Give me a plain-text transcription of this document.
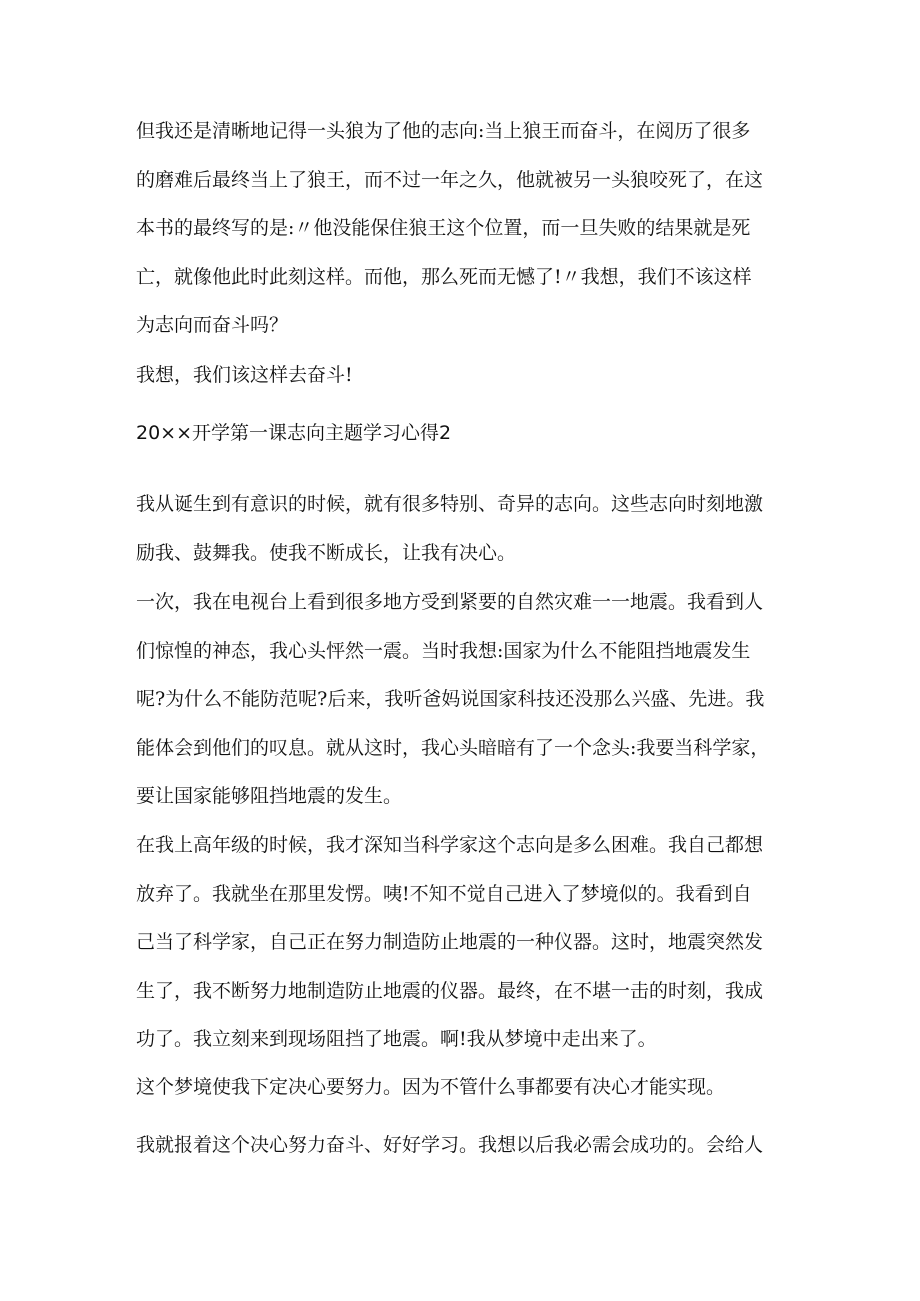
但我还是清晰地记得一头狼为了他的志向:当上狼王而奋斗，在阅历了很多
的磨难后最终当上了狼王，而不过一年之久，他就被另一头狼咬死了，在这
本书的最终写的是:〃他没能保住狼王这个位置，而一旦失败的结果就是死
亡，就像他此时此刻这样。而他，那么死而无憾了!〃我想，我们不该这样
为志向而奋斗吗？

我想，我们该这样去奋斗!

20××开学第一课志向主题学习心得2

我从诞生到有意识的时候，就有很多特别、奇异的志向。这些志向时刻地激
励我、鼓舞我。使我不断成长，让我有决心。

一次，我在电视台上看到很多地方受到紧要的自然灾难一一地震。我看到人
们惊惶的神态，我心头怦然一震。当时我想:国家为什么不能阻挡地震发生
呢?为什么不能防范呢?后来，我听爸妈说国家科技还没那么兴盛、先进。我
能体会到他们的叹息。就从这时，我心头暗暗有了一个念头:我要当科学家，
要让国家能够阻挡地震的发生。

在我上高年级的时候，我才深知当科学家这个志向是多么困难。我自己都想
放弃了。我就坐在那里发愣。咦!不知不觉自己进入了梦境似的。我看到自
己当了科学家，自己正在努力制造防止地震的一种仪器。这时，地震突然发
生了，我不断努力地制造防止地震的仪器。最终，在不堪一击的时刻，我成
功了。我立刻来到现场阻挡了地震。啊!我从梦境中走出来了。

这个梦境使我下定决心要努力。因为不管什么事都要有决心才能实现。

我就报着这个决心努力奋斗、好好学习。我想以后我必需会成功的。会给人
